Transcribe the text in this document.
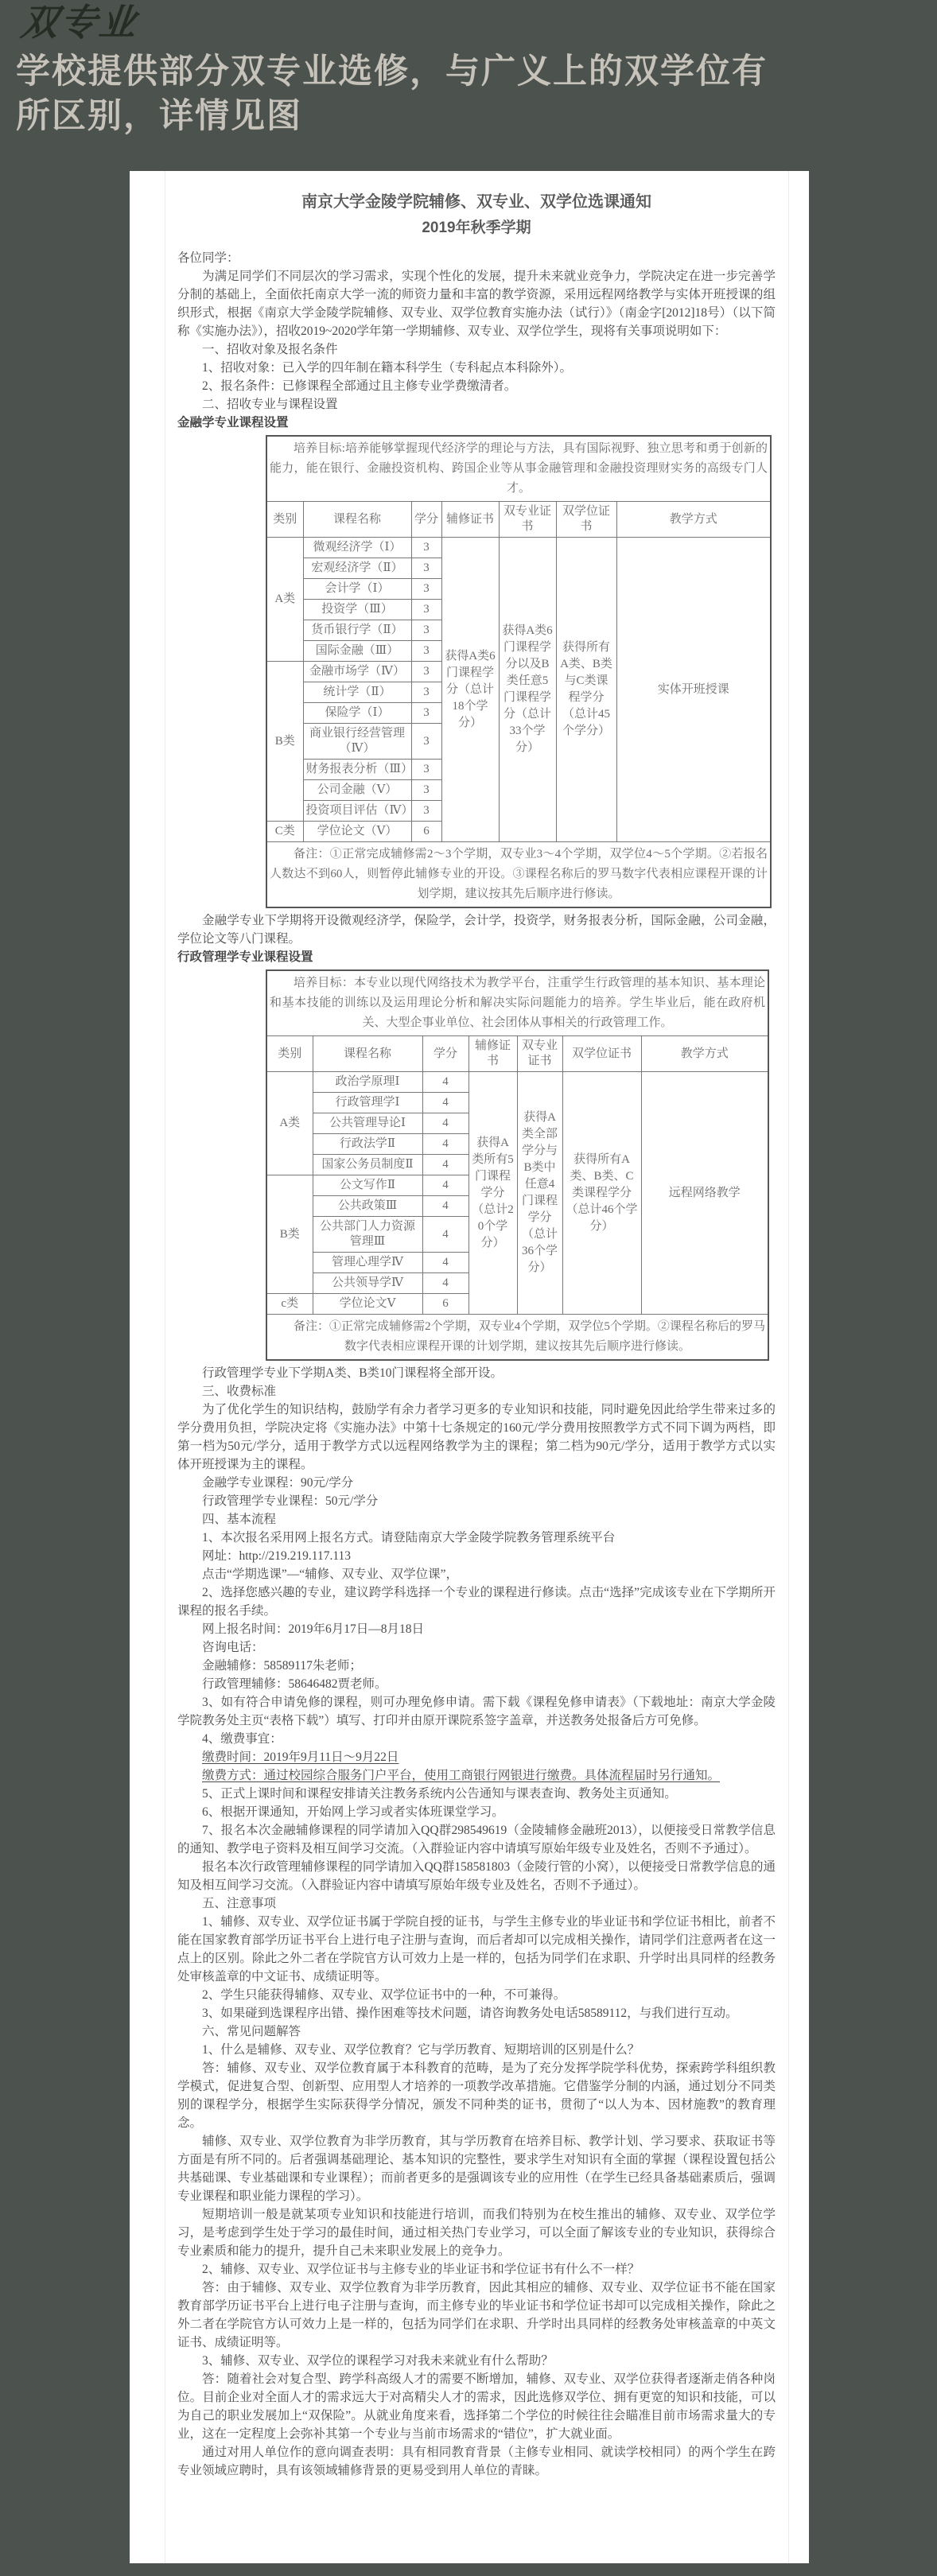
双专业

学校提供部分双专业选修，与广义上的双学位有
所区别，详情见图

南京大学金陵学院辅修、双专业、双学位选课通知
2019年秋季学期

各位同学：

为满足同学们不同层次的学习需求，实现个性化的发展，提升未来就业竞争力，学院决定在进一步完善学分制的基础上，全面依托南京大学一流的师资力量和丰富的教学资源，采用远程网络教学与实体开班授课的组织形式，根据《南京大学金陵学院辅修、双专业、双学位教育实施办法（试行）》（南金字[2012]18号）（以下简称《实施办法》），招收2019~2020学年第一学期辅修、双专业、双学位学生，现将有关事项说明如下：

一、招收对象及报名条件

1、招收对象：已入学的四年制在籍本科学生（专科起点本科除外）。

2、报名条件：已修课程全部通过且主修专业学费缴清者。

二、招收专业与课程设置

金融学专业课程设置

培养目标:培养能够掌握现代经济学的理论与方法，具有国际视野、独立思考和勇于创新的能力，能在银行、金融投资机构、跨国企业等从事金融管理和金融投资理财实务的高级专门人才。						
类别	课程名称	学分	辅修证书	双专业证书	双学位证书	教学方式
A类	微观经济学（Ⅰ）	3	获得A类6门课程学分（总计18个学分）	获得A类6门课程学分以及B类任意5门课程学分（总计33个学分）	获得所有A类、B类与C类课程学分（总计45个学分）	实体开班授课
	宏观经济学（Ⅱ）	3				
	会计学（Ⅰ）	3				
	投资学（Ⅲ）	3				
	货币银行学（Ⅱ）	3				
	国际金融（Ⅲ）	3				
B类	金融市场学（Ⅳ）	3				
	统计学（Ⅱ）	3				
	保险学（Ⅰ）	3				
	商业银行经营管理（Ⅳ）	3				
	财务报表分析（Ⅲ）	3				
	公司金融（Ⅴ）	3				
	投资项目评估（Ⅳ）	3				
C类	学位论文（Ⅴ）	6				
备注：①正常完成辅修需2～3个学期，双专业3～4个学期，双学位4～5个学期。②若报名人数达不到60人，则暂停此辅修专业的开设。③课程名称后的罗马数字代表相应课程开课的计划学期，建议按其先后顺序进行修读。						

金融学专业下学期将开设微观经济学，保险学，会计学，投资学，财务报表分析，国际金融，公司金融，学位论文等八门课程。

行政管理学专业课程设置

培养目标：本专业以现代网络技术为教学平台，注重学生行政管理的基本知识、基本理论和基本技能的训练以及运用理论分析和解决实际问题能力的培养。学生毕业后，能在政府机关、大型企事业单位、社会团体从事相关的行政管理工作。						
类别	课程名称	学分	辅修证书	双专业证书	双学位证书	教学方式
A类	政治学原理Ⅰ	4	获得A类所有5门课程学分（总计20个学分）	获得A类全部学分与B类中任意4门课程学分（总计36个学分）	获得所有A类、B类、C类课程学分（总计46个学分）	远程网络教学
	行政管理学Ⅰ	4				
	公共管理导论Ⅰ	4				
	行政法学Ⅱ	4				
	国家公务员制度Ⅱ	4				
B类	公文写作Ⅱ	4				
	公共政策Ⅲ	4				
	公共部门人力资源管理Ⅲ	4				
	管理心理学Ⅳ	4				
	公共领导学Ⅳ	4				
c类	学位论文Ⅴ	6				
备注：①正常完成辅修需2个学期，双专业4个学期，双学位5个学期。②课程名称后的罗马数字代表相应课程开课的计划学期，建议按其先后顺序进行修读。						

行政管理学专业下学期A类、B类10门课程将全部开设。

三、收费标准

为了优化学生的知识结构，鼓励学有余力者学习更多的专业知识和技能，同时避免因此给学生带来过多的学分费用负担，学院决定将《实施办法》中第十七条规定的160元/学分费用按照教学方式不同下调为两档，即第一档为50元/学分，适用于教学方式以远程网络教学为主的课程；第二档为90元/学分，适用于教学方式以实体开班授课为主的课程。

金融学专业课程：90元/学分

行政管理学专业课程：50元/学分

四、基本流程

1、本次报名采用网上报名方式。请登陆南京大学金陵学院教务管理系统平台

网址：http://219.219.117.113

点击“学期选课”—“辅修、双专业、双学位课”，

2、选择您感兴趣的专业，建议跨学科选择一个专业的课程进行修读。点击“选择”完成该专业在下学期所开课程的报名手续。

网上报名时间：2019年6月17日—8月18日

咨询电话：

金融辅修：58589117朱老师；

行政管理辅修：58646482贾老师。

3、如有符合申请免修的课程，则可办理免修申请。需下载《课程免修申请表》（下载地址：南京大学金陵学院教务处主页“表格下载”）填写、打印并由原开课院系签字盖章，并送教务处报备后方可免修。

4、缴费事宜：

缴费时间：2019年9月11日～9月22日

缴费方式：通过校园综合服务门户平台，使用工商银行网银进行缴费。具体流程届时另行通知。

5、正式上课时间和课程安排请关注教务系统内公告通知与课表查询、教务处主页通知。

6、根据开课通知，开始网上学习或者实体班课堂学习。

7、报名本次金融辅修课程的同学请加入QQ群298549619（金陵辅修金融班2013），以便接受日常教学信息的通知、教学电子资料及相互间学习交流。（入群验证内容中请填写原始年级专业及姓名，否则不予通过）。

报名本次行政管理辅修课程的同学请加入QQ群158581803（金陵行管的小窝），以便接受日常教学信息的通知及相互间学习交流。（入群验证内容中请填写原始年级专业及姓名，否则不予通过）。

五、注意事项

1、辅修、双专业、双学位证书属于学院自授的证书，与学生主修专业的毕业证书和学位证书相比，前者不能在国家教育部学历证书平台上进行电子注册与查询，而后者却可以完成相关操作，请同学们注意两者在这一点上的区别。除此之外二者在学院官方认可效力上是一样的，包括为同学们在求职、升学时出具同样的经教务处审核盖章的中文证书、成绩证明等。

2、学生只能获得辅修、双专业、双学位证书中的一种，不可兼得。

3、如果碰到选课程序出错、操作困难等技术问题，请咨询教务处电话58589112，与我们进行互动。

六、常见问题解答

1、什么是辅修、双专业、双学位教育？它与学历教育、短期培训的区别是什么？

答：辅修、双专业、双学位教育属于本科教育的范畴，是为了充分发挥学院学科优势，探索跨学科组织教学模式，促进复合型、创新型、应用型人才培养的一项教学改革措施。它借鉴学分制的内涵，通过划分不同类别的课程学分，根据学生实际获得学分情况，颁发不同种类的证书，贯彻了“以人为本、因材施教”的教育理念。

辅修、双专业、双学位教育为非学历教育，其与学历教育在培养目标、教学计划、学习要求、获取证书等方面是有所不同的。后者强调基础理论、基本知识的完整性，要求学生对知识有全面的掌握（课程设置包括公共基础课、专业基础课和专业课程）；而前者更多的是强调该专业的应用性（在学生已经具备基础素质后，强调专业课程和职业能力课程的学习）。

短期培训一般是就某项专业知识和技能进行培训，而我们特别为在校生推出的辅修、双专业、双学位学习，是考虑到学生处于学习的最佳时间，通过相关热门专业学习，可以全面了解该专业的专业知识，获得综合专业素质和能力的提升，提升自己未来职业发展上的竞争力。

2、辅修、双专业、双学位证书与主修专业的毕业证书和学位证书有什么不一样？

答：由于辅修、双专业、双学位教育为非学历教育，因此其相应的辅修、双专业、双学位证书不能在国家教育部学历证书平台上进行电子注册与查询，而主修专业的毕业证书和学位证书却可以完成相关操作，除此之外二者在学院官方认可效力上是一样的，包括为同学们在求职、升学时出具同样的经教务处审核盖章的中英文证书、成绩证明等。

3、辅修、双专业、双学位的课程学习对我未来就业有什么帮助？

答：随着社会对复合型、跨学科高级人才的需要不断增加，辅修、双专业、双学位获得者逐渐走俏各种岗位。目前企业对全面人才的需求远大于对高精尖人才的需求，因此选修双学位、拥有更宽的知识和技能，可以为自己的职业发展加上“双保险”。从就业角度来看，选择第二个学位的时候往往会瞄准目前市场需求量大的专业，这在一定程度上会弥补其第一个专业与当前市场需求的“错位”，扩大就业面。

通过对用人单位作的意向调查表明：具有相同教育背景（主修专业相同、就读学校相同）的两个学生在跨专业领域应聘时，具有该领域辅修背景的更易受到用人单位的青睐。
